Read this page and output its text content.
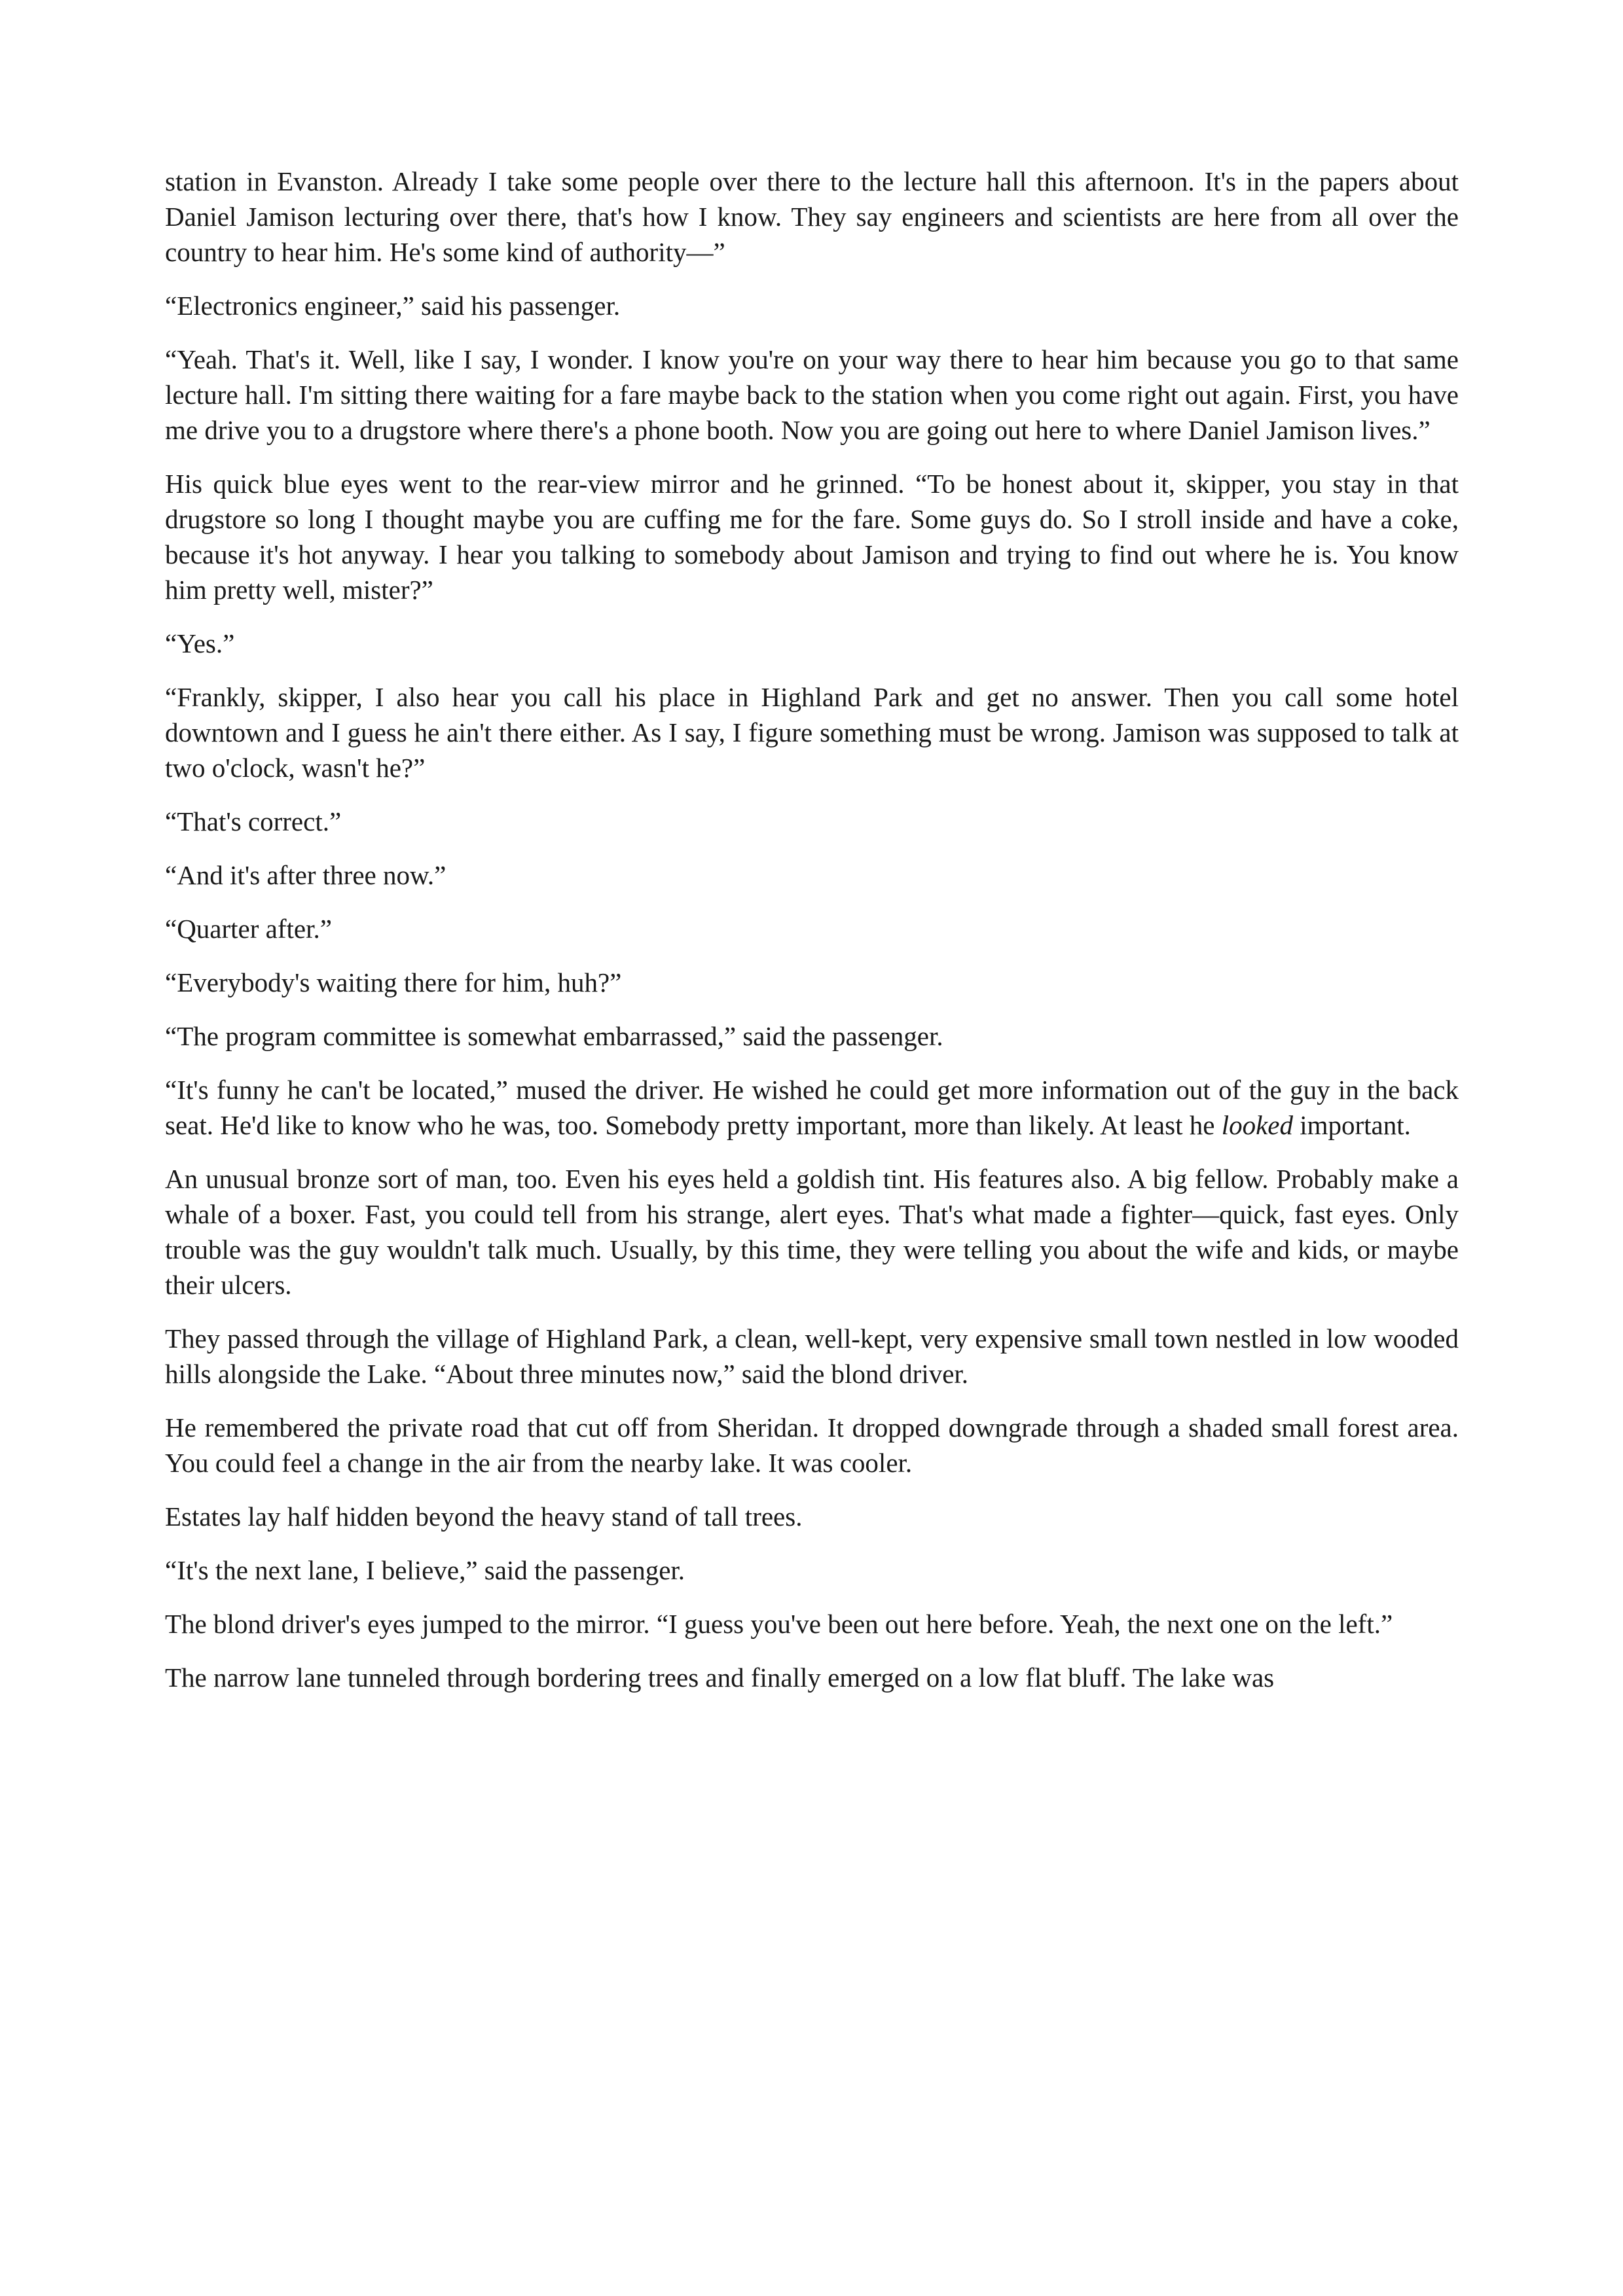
station in Evanston. Already I take some people over there to the lecture hall this afternoon. It's in the papers about Daniel Jamison lecturing over there, that's how I know. They say engineers and scientists are here from all over the country to hear him. He's some kind of authority—”

“Electronics engineer,” said his passenger.

“Yeah. That's it. Well, like I say, I wonder. I know you're on your way there to hear him because you go to that same lecture hall. I'm sitting there waiting for a fare maybe back to the station when you come right out again. First, you have me drive you to a drugstore where there's a phone booth. Now you are going out here to where Daniel Jamison lives.”

His quick blue eyes went to the rear-view mirror and he grinned. “To be honest about it, skipper, you stay in that drugstore so long I thought maybe you are cuffing me for the fare. Some guys do. So I stroll inside and have a coke, because it's hot anyway. I hear you talking to somebody about Jamison and trying to find out where he is. You know him pretty well, mister?”

“Yes.”

“Frankly, skipper, I also hear you call his place in Highland Park and get no answer. Then you call some hotel downtown and I guess he ain't there either. As I say, I figure something must be wrong. Jamison was supposed to talk at two o'clock, wasn't he?”

“That's correct.”

“And it's after three now.”

“Quarter after.”

“Everybody's waiting there for him, huh?”

“The program committee is somewhat embarrassed,” said the passenger.

“It's funny he can't be located,” mused the driver. He wished he could get more information out of the guy in the back seat. He'd like to know who he was, too. Somebody pretty important, more than likely. At least he looked important.

An unusual bronze sort of man, too. Even his eyes held a goldish tint. His features also. A big fellow. Probably make a whale of a boxer. Fast, you could tell from his strange, alert eyes. That's what made a fighter—quick, fast eyes. Only trouble was the guy wouldn't talk much. Usually, by this time, they were telling you about the wife and kids, or maybe their ulcers.

They passed through the village of Highland Park, a clean, well-kept, very expensive small town nestled in low wooded hills alongside the Lake. “About three minutes now,” said the blond driver.

He remembered the private road that cut off from Sheridan. It dropped downgrade through a shaded small forest area. You could feel a change in the air from the nearby lake. It was cooler.

Estates lay half hidden beyond the heavy stand of tall trees.

“It's the next lane, I believe,” said the passenger.

The blond driver's eyes jumped to the mirror. “I guess you've been out here before. Yeah, the next one on the left.”

The narrow lane tunneled through bordering trees and finally emerged on a low flat bluff. The lake was
